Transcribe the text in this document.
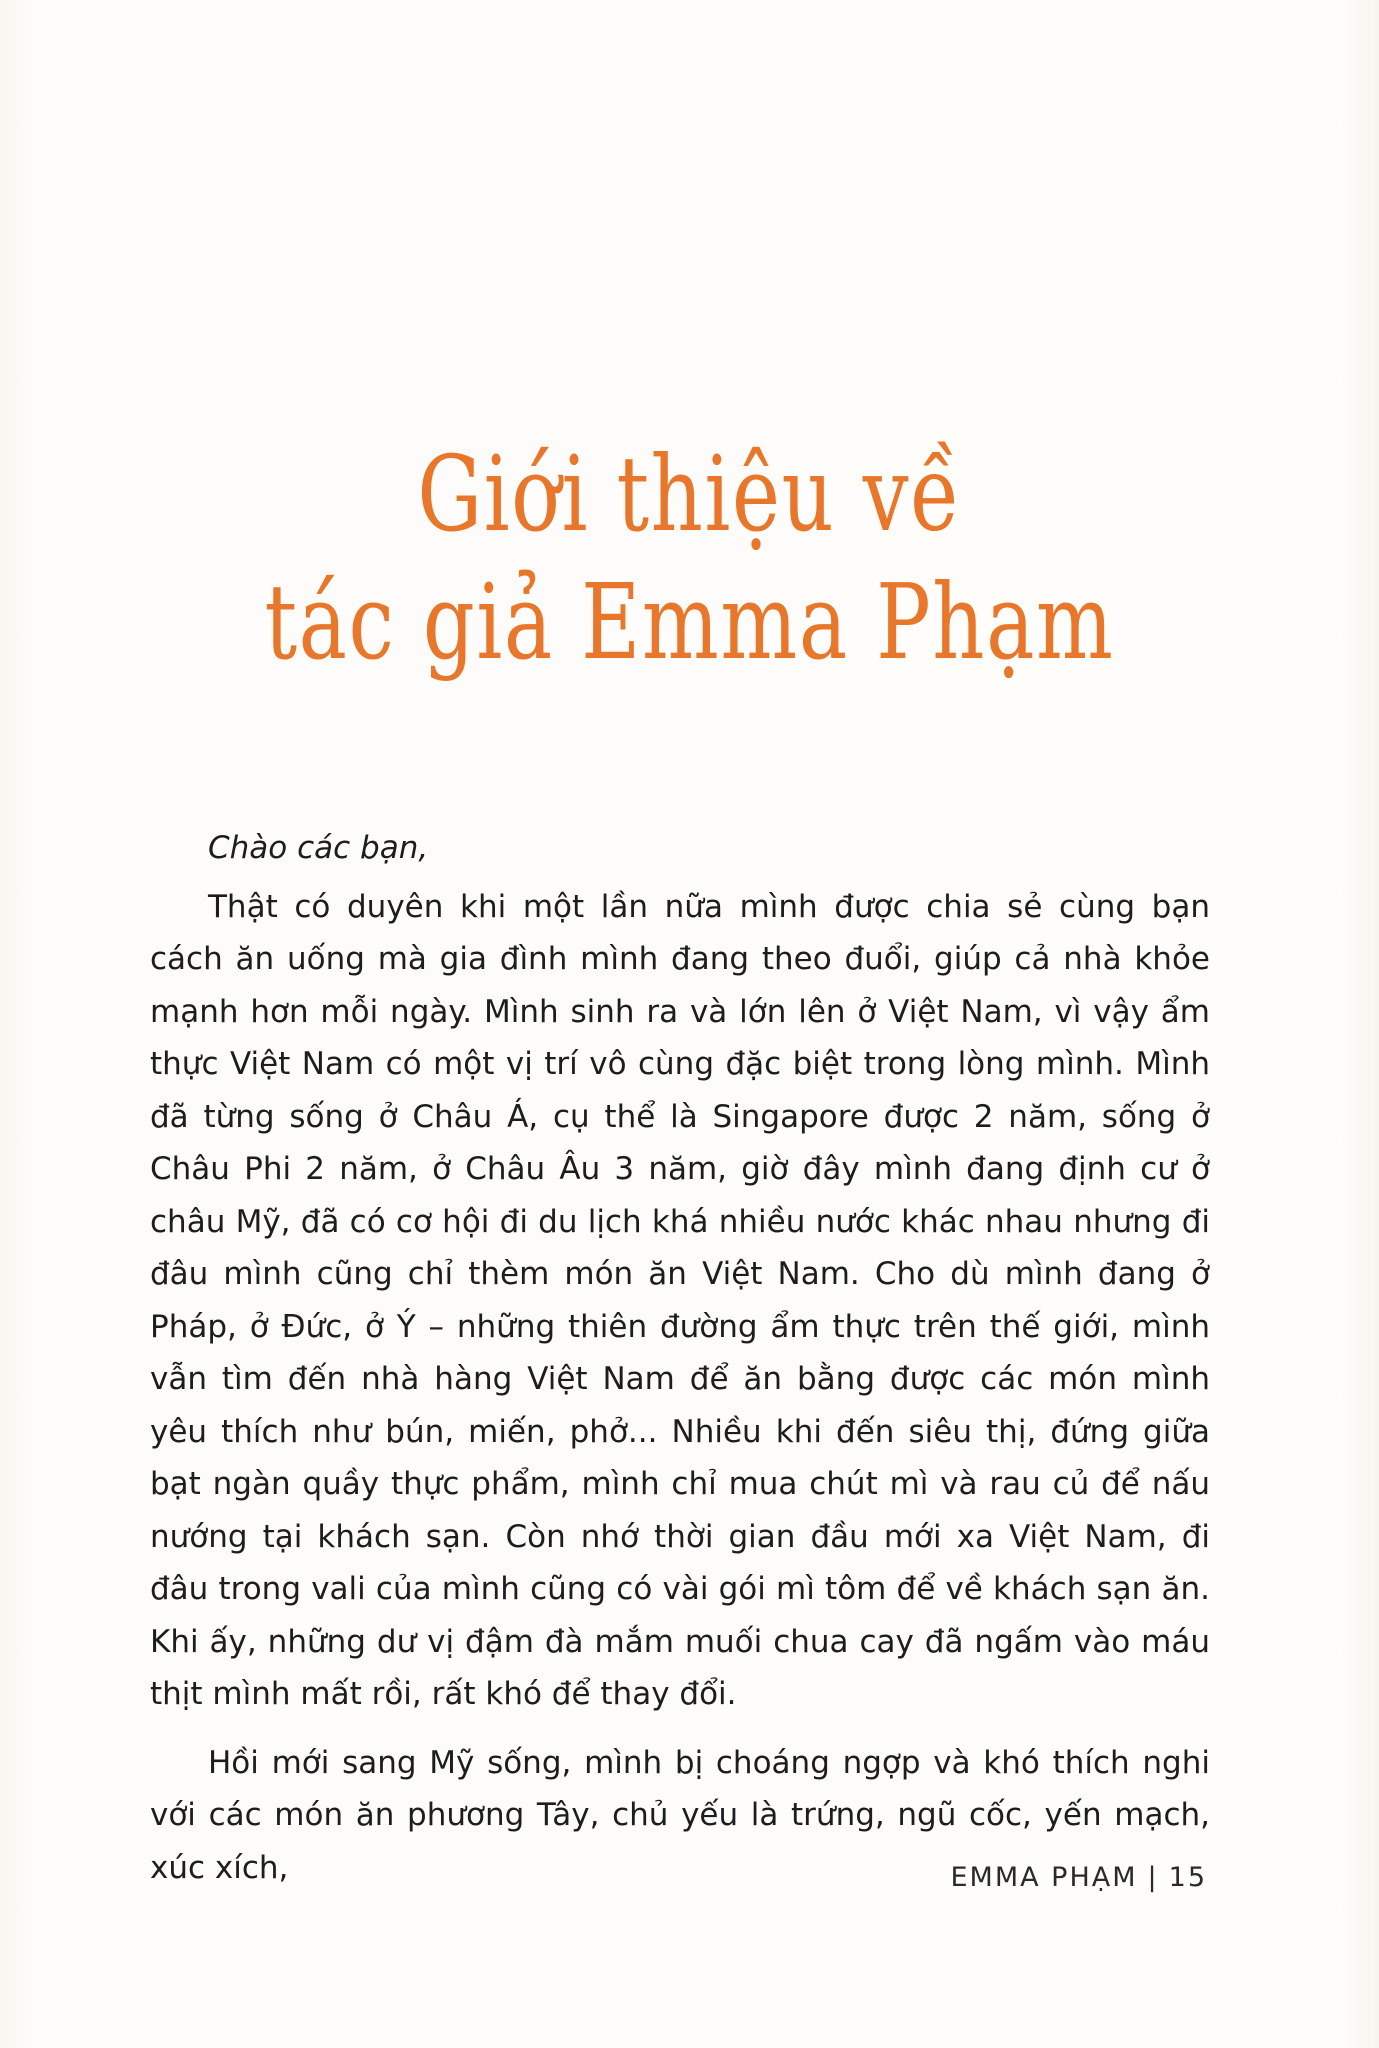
Giới thiệu về
tác giả Emma Phạm

Chào các bạn,

Thật có duyên khi một lần nữa mình được chia sẻ cùng bạn cách ăn uống mà gia đình mình đang theo đuổi, giúp cả nhà khỏe mạnh hơn mỗi ngày. Mình sinh ra và lớn lên ở Việt Nam, vì vậy ẩm thực Việt Nam có một vị trí vô cùng đặc biệt trong lòng mình. Mình đã từng sống ở Châu Á, cụ thể là Singapore được 2 năm, sống ở Châu Phi 2 năm, ở Châu Âu 3 năm, giờ đây mình đang định cư ở châu Mỹ, đã có cơ hội đi du lịch khá nhiều nước khác nhau nhưng đi đâu mình cũng chỉ thèm món ăn Việt Nam. Cho dù mình đang ở Pháp, ở Đức, ở Ý – những thiên đường ẩm thực trên thế giới, mình vẫn tìm đến nhà hàng Việt Nam để ăn bằng được các món mình yêu thích như bún, miến, phở... Nhiều khi đến siêu thị, đứng giữa bạt ngàn quầy thực phẩm, mình chỉ mua chút mì và rau củ để nấu nướng tại khách sạn. Còn nhớ thời gian đầu mới xa Việt Nam, đi đâu trong vali của mình cũng có vài gói mì tôm để về khách sạn ăn. Khi ấy, những dư vị đậm đà mắm muối chua cay đã ngấm vào máu thịt mình mất rồi, rất khó để thay đổi.

Hồi mới sang Mỹ sống, mình bị choáng ngợp và khó thích nghi với các món ăn phương Tây, chủ yếu là trứng, ngũ cốc, yến mạch, xúc xích,	EMMA PHẠM | 15
